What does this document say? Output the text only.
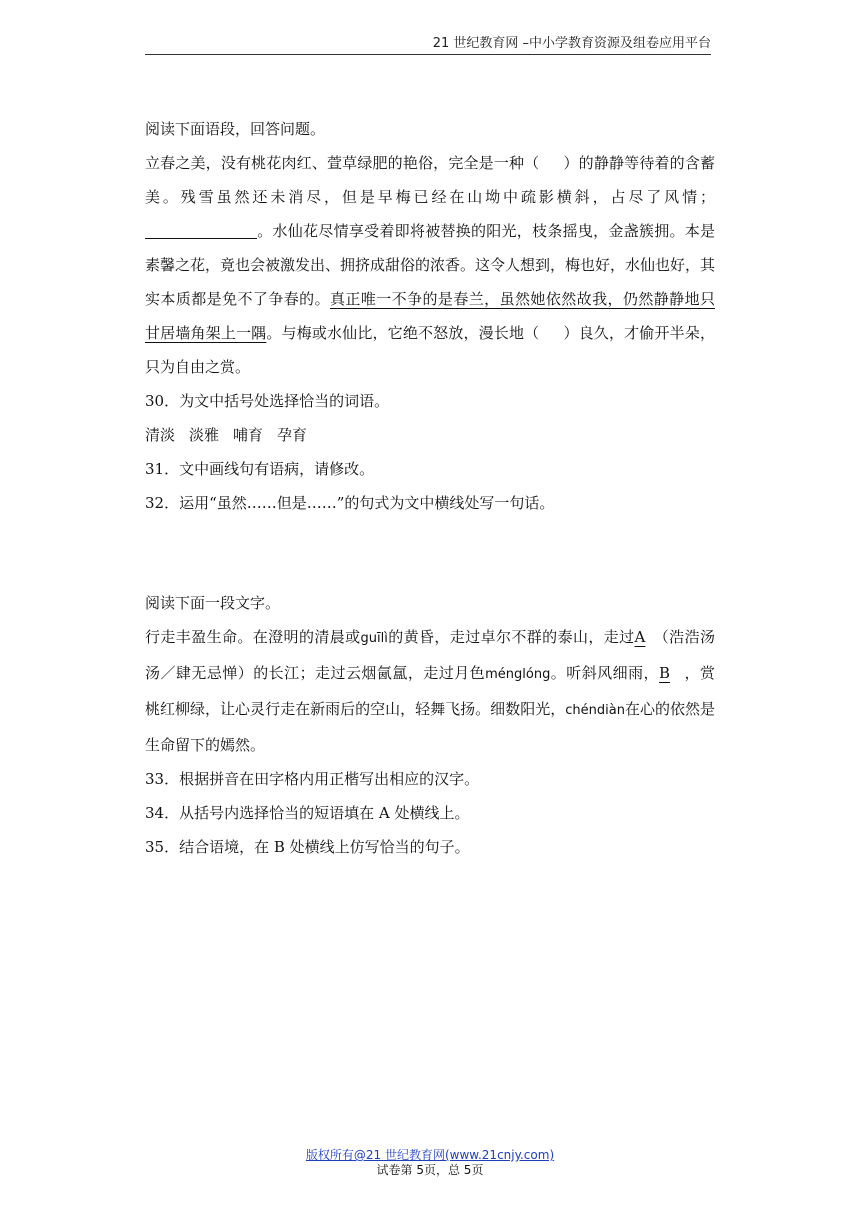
21 世纪教育网 –中小学教育资源及组卷应用平台

阅读下面语段，回答问题。

立春之美，没有桃花肉红、萱草绿肥的艳俗，完全是一种（ ）的静静等待着的含蓄美。残雪虽然还未消尽，但是早梅已经在山坳中疏影横斜，占尽了风情；。水仙花尽情享受着即将被替换的阳光，枝条摇曳，金盏簇拥。本是素馨之花，竟也会被激发出、拥挤成甜俗的浓香。这令人想到，梅也好，水仙也好，其实本质都是免不了争春的。真正唯一不争的是春兰，虽然她依然故我，仍然静静地只甘居墙角架上一隅。与梅或水仙比，它绝不怒放，漫长地（ ）良久，才偷开半朵，只为自由之赏。

30．为文中括号处选择恰当的词语。

清淡 淡雅 哺育 孕育

31．文中画线句有语病，请修改。

32．运用“虽然……但是……”的句式为文中横线处写一句话。

阅读下面一段文字。

行走丰盈生命。在澄明的清晨或guīlì的黄昏，走过卓尔不群的泰山，走过A （浩浩汤汤／肆无忌惮）的长江；走过云烟氤氲，走过月色ménglóng。听斜风细雨，B ，赏桃红柳绿，让心灵行走在新雨后的空山，轻舞飞扬。细数阳光，chéndiàn在心的依然是生命留下的嫣然。

33．根据拼音在田字格内用正楷写出相应的汉字。

34．从括号内选择恰当的短语填在 A 处横线上。

35．结合语境，在 B 处横线上仿写恰当的句子。

版权所有@21 世纪教育网(www.21cnjy.com)
试卷第 5页，总 5页
